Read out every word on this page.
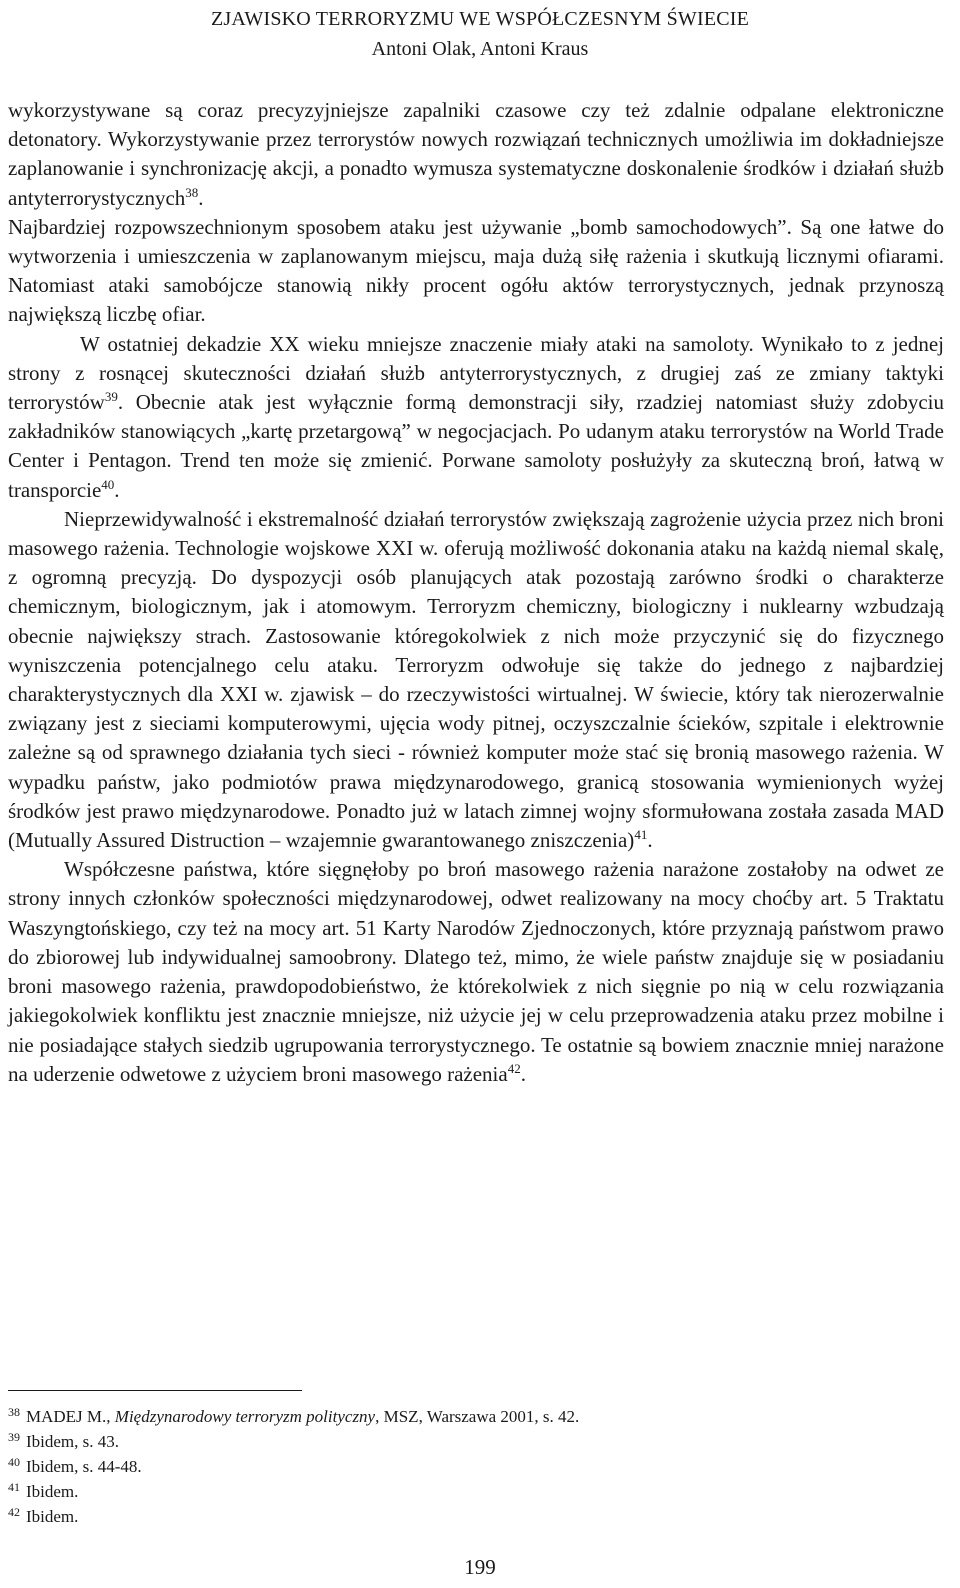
ZJAWISKO TERRORYZMU WE WSPÓŁCZESNYM ŚWIECIE
Antoni Olak, Antoni Kraus

wykorzystywane są coraz precyzyjniejsze zapalniki czasowe czy też zdalnie odpalane elektroniczne detonatory. Wykorzystywanie przez terrorystów nowych rozwiązań technicznych umożliwia im dokładniejsze zaplanowanie i synchronizację akcji, a ponadto wymusza systematyczne doskonalenie środków i działań służb antyterrorystycznych$^{38}$.

Najbardziej rozpowszechnionym sposobem ataku jest używanie „bomb samochodowych”. Są one łatwe do wytworzenia i umieszczenia w zaplanowanym miejscu, maja dużą siłę rażenia i skutkują licznymi ofiarami. Natomiast ataki samobójcze stanowią nikły procent ogółu aktów terrorystycznych, jednak przynoszą największą liczbę ofiar.

W ostatniej dekadzie XX wieku mniejsze znaczenie miały ataki na samoloty. Wynikało to z jednej strony z rosnącej skuteczności działań służb antyterrorystycznych, z drugiej zaś ze zmiany taktyki terrorystów$^{39}$. Obecnie atak jest wyłącznie formą demonstracji siły, rzadziej natomiast służy zdobyciu zakładników stanowiących „kartę przetargową” w negocjacjach. Po udanym ataku terrorystów na World Trade Center i Pentagon. Trend ten może się zmienić. Porwane samoloty posłużyły za skuteczną broń, łatwą w transporcie$^{40}$.

Nieprzewidywalność i ekstremalność działań terrorystów zwiększają zagrożenie użycia przez nich broni masowego rażenia. Technologie wojskowe XXI w. oferują możliwość dokonania ataku na każdą niemal skalę, z ogromną precyzją. Do dyspozycji osób planujących atak pozostają zarówno środki o charakterze chemicznym, biologicznym, jak i atomowym. Terroryzm chemiczny, biologiczny i nuklearny wzbudzają obecnie największy strach. Zastosowanie któregokolwiek z nich może przyczynić się do fizycznego wyniszczenia potencjalnego celu ataku. Terroryzm odwołuje się także do jednego z najbardziej charakterystycznych dla XXI w. zjawisk – do rzeczywistości wirtualnej. W świecie, który tak nierozerwalnie związany jest z sieciami komputerowymi, ujęcia wody pitnej, oczyszczalnie ścieków, szpitale i elektrownie zależne są od sprawnego działania tych sieci - również komputer może stać się bronią masowego rażenia. W wypadku państw, jako podmiotów prawa międzynarodowego, granicą stosowania wymienionych wyżej środków jest prawo międzynarodowe. Ponadto już w latach zimnej wojny sformułowana została zasada MAD (Mutually Assured Distruction – wzajemnie gwarantowanego zniszczenia)$^{41}$.

Współczesne państwa, które sięgnęłoby po broń masowego rażenia narażone zostałoby na odwet ze strony innych członków społeczności międzynarodowej, odwet realizowany na mocy choćby art. 5 Traktatu Waszyngtońskiego, czy też na mocy art. 51 Karty Narodów Zjednoczonych, które przyznają państwom prawo do zbiorowej lub indywidualnej samoobrony. Dlatego też, mimo, że wiele państw znajduje się w posiadaniu broni masowego rażenia, prawdopodobieństwo, że którekolwiek z nich sięgnie po nią w celu rozwiązania jakiegokolwiek konfliktu jest znacznie mniejsze, niż użycie jej w celu przeprowadzenia ataku przez mobilne i nie posiadające stałych siedzib ugrupowania terrorystycznego. Te ostatnie są bowiem znacznie mniej narażone na uderzenie odwetowe z użyciem broni masowego rażenia$^{42}$.

$^{38}$ MADEJ M., Międzynarodowy terroryzm polityczny, MSZ, Warszawa 2001, s. 42.
$^{39}$ Ibidem, s. 43.
$^{40}$ Ibidem, s. 44-48.
$^{41}$ Ibidem.
$^{42}$ Ibidem.
199
